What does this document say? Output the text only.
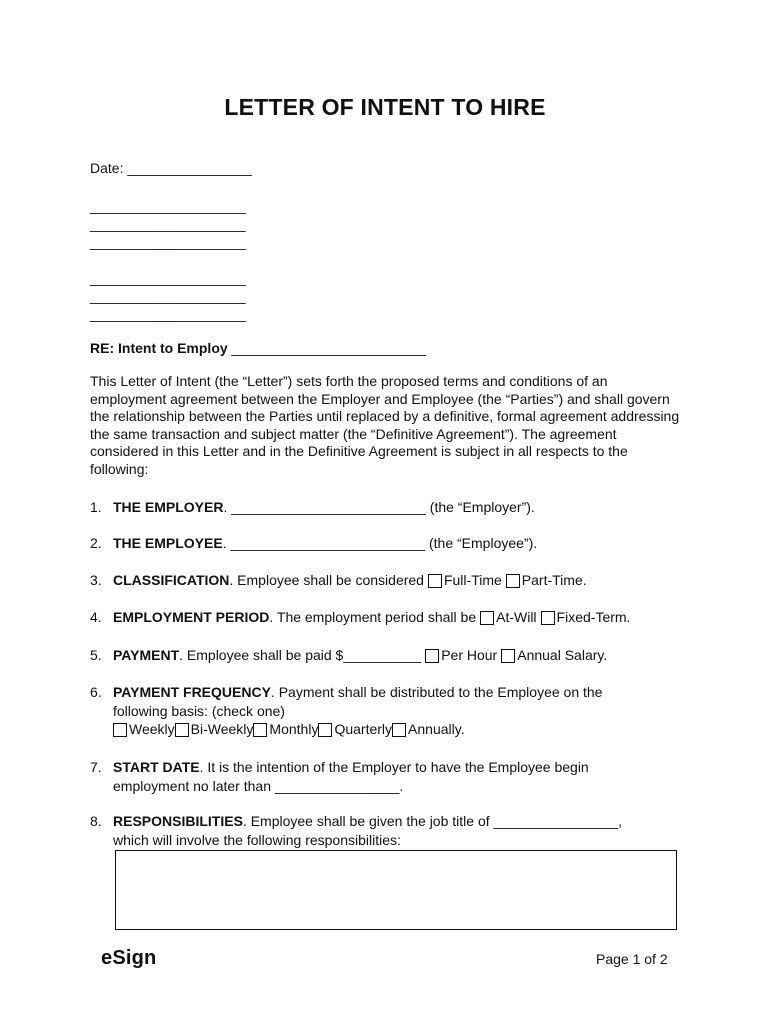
LETTER OF INTENT TO HIRE
Date: ________________
____________________
____________________
____________________
____________________
____________________
____________________
RE: Intent to Employ _________________________
This Letter of Intent (the “Letter”) sets forth the proposed terms and conditions of an employment agreement between the Employer and Employee (the “Parties”) and shall govern the relationship between the Parties until replaced by a definitive, formal agreement addressing the same transaction and subject matter (the “Definitive Agreement”). The agreement considered in this Letter and in the Definitive Agreement is subject in all respects to the following:
1. THE EMPLOYER. _________________________ (the “Employer”).
2. THE EMPLOYEE. _________________________ (the “Employee”).
3. CLASSIFICATION. Employee shall be considered Full-Time Part-Time.
4. EMPLOYMENT PERIOD. The employment period shall be At-Will Fixed-Term.
5. PAYMENT. Employee shall be paid $__________ Per Hour Annual Salary.
6. PAYMENT FREQUENCY. Payment shall be distributed to the Employee on the
following basis: (check one)
Weekly Bi-Weekly Monthly Quarterly Annually.
7. START DATE. It is the intention of the Employer to have the Employee begin
employment no later than ________________.
8. RESPONSIBILITIES. Employee shall be given the job title of ________________,
which will involve the following responsibilities:
eSign	Page 1 of 2
